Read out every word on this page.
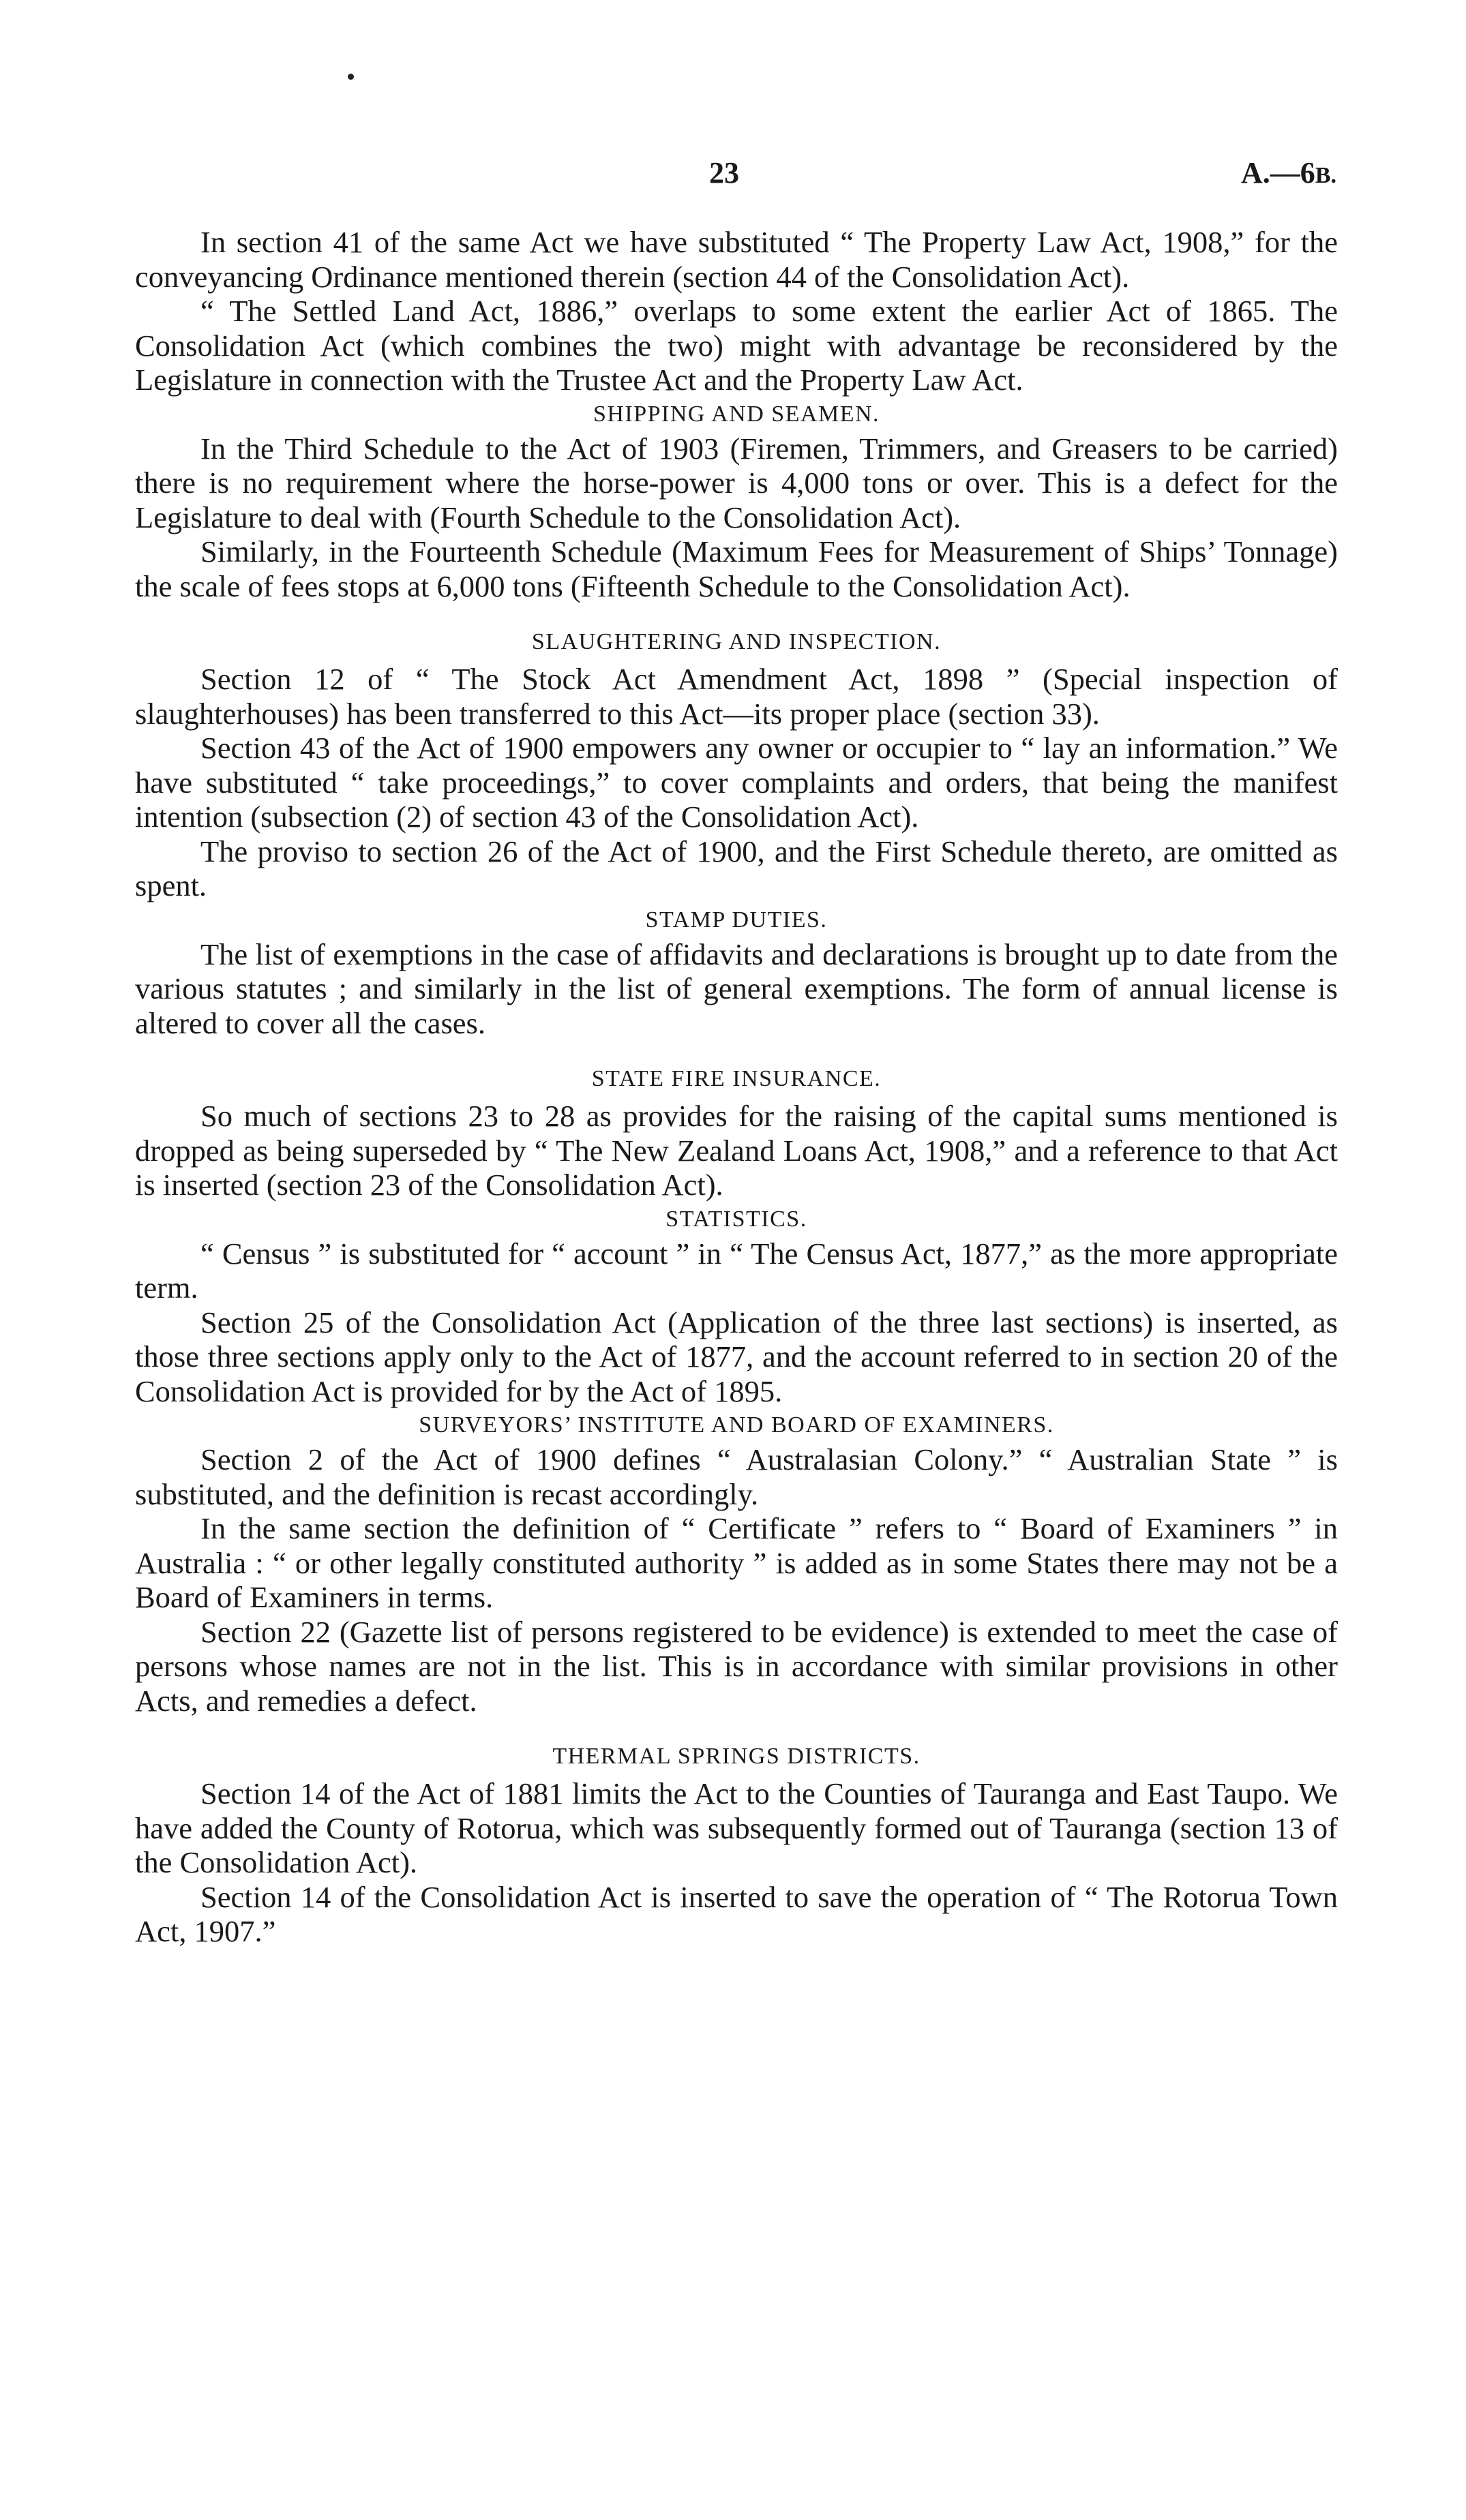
23	A.—6B.

In section 41 of the same Act we have substituted “ The Property Law Act, 1908,” for the conveyancing Ordinance mentioned therein (section 44 of the Consolidation Act).

“ The Settled Land Act, 1886,” overlaps to some extent the earlier Act of 1865. The Consolidation Act (which combines the two) might with advantage be reconsidered by the Legislature in connection with the Trustee Act and the Property Law Act.

SHIPPING AND SEAMEN.

In the Third Schedule to the Act of 1903 (Firemen, Trimmers, and Greasers to be carried) there is no requirement where the horse-power is 4,000 tons or over. This is a defect for the Legislature to deal with (Fourth Schedule to the Consolidation Act).

Similarly, in the Fourteenth Schedule (Maximum Fees for Measurement of Ships’ Tonnage) the scale of fees stops at 6,000 tons (Fifteenth Schedule to the Consolidation Act).

SLAUGHTERING AND INSPECTION.

Section 12 of “ The Stock Act Amendment Act, 1898 ” (Special inspection of slaughterhouses) has been transferred to this Act—its proper place (section 33).

Section 43 of the Act of 1900 empowers any owner or occupier to “ lay an information.” We have substituted “ take proceedings,” to cover complaints and orders, that being the manifest intention (subsection (2) of section 43 of the Consolidation Act).

The proviso to section 26 of the Act of 1900, and the First Schedule thereto, are omitted as spent.

STAMP DUTIES.

The list of exemptions in the case of affidavits and declarations is brought up to date from the various statutes ; and similarly in the list of general exemptions. The form of annual license is altered to cover all the cases.

STATE FIRE INSURANCE.

So much of sections 23 to 28 as provides for the raising of the capital sums mentioned is dropped as being superseded by “ The New Zealand Loans Act, 1908,” and a reference to that Act is inserted (section 23 of the Consolidation Act).

STATISTICS.

“ Census ” is substituted for “ account ” in “ The Census Act, 1877,” as the more appropriate term.

Section 25 of the Consolidation Act (Application of the three last sections) is inserted, as those three sections apply only to the Act of 1877, and the account referred to in section 20 of the Consolidation Act is provided for by the Act of 1895.

SURVEYORS’ INSTITUTE AND BOARD OF EXAMINERS.

Section 2 of the Act of 1900 defines “ Australasian Colony.” “ Australian State ” is substituted, and the definition is recast accordingly.

In the same section the definition of “ Certificate ” refers to “ Board of Examiners ” in Australia : “ or other legally constituted authority ” is added as in some States there may not be a Board of Examiners in terms.

Section 22 (Gazette list of persons registered to be evidence) is extended to meet the case of persons whose names are not in the list. This is in accordance with similar provisions in other Acts, and remedies a defect.

THERMAL SPRINGS DISTRICTS.

Section 14 of the Act of 1881 limits the Act to the Counties of Tauranga and East Taupo. We have added the County of Rotorua, which was subsequently formed out of Tauranga (section 13 of the Consolidation Act).

Section 14 of the Consolidation Act is inserted to save the operation of “ The Rotorua Town Act, 1907.”
